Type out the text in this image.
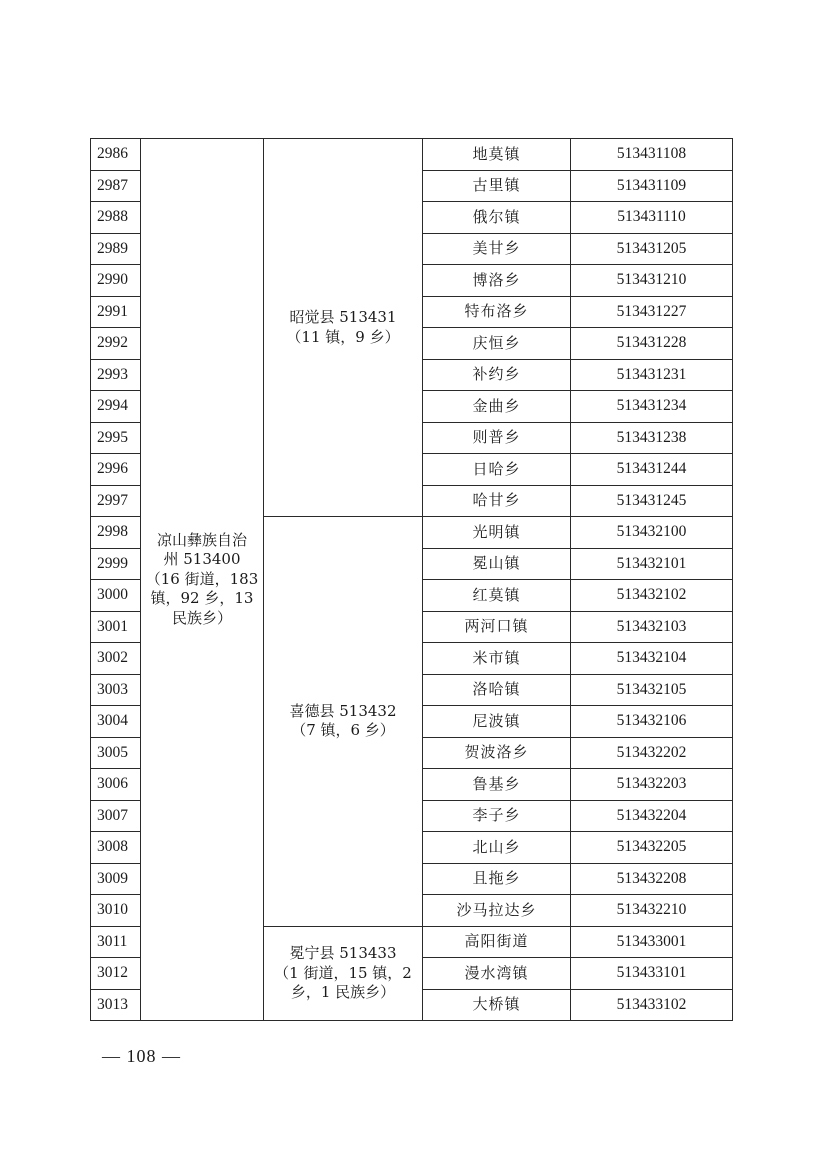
2986	凉山彝族自治
州 513400
（16 街道，183
镇，92 乡，13
民族乡）	昭觉县 513431
（11 镇，9 乡）	地莫镇	513431108
2987			古里镇	513431109
2988			俄尔镇	513431110
2989			美甘乡	513431205
2990			博洛乡	513431210
2991			特布洛乡	513431227
2992			庆恒乡	513431228
2993			补约乡	513431231
2994			金曲乡	513431234
2995			则普乡	513431238
2996			日哈乡	513431244
2997			哈甘乡	513431245
2998		喜德县 513432
（7 镇，6 乡）	光明镇	513432100
2999			冕山镇	513432101
3000			红莫镇	513432102
3001			两河口镇	513432103
3002			米市镇	513432104
3003			洛哈镇	513432105
3004			尼波镇	513432106
3005			贺波洛乡	513432202
3006			鲁基乡	513432203
3007			李子乡	513432204
3008			北山乡	513432205
3009			且拖乡	513432208
3010			沙马拉达乡	513432210
3011		冕宁县 513433
（1 街道，15 镇，2
乡，1 民族乡）	高阳街道	513433001
3012			漫水湾镇	513433101
3013			大桥镇	513433102
— 108 —
